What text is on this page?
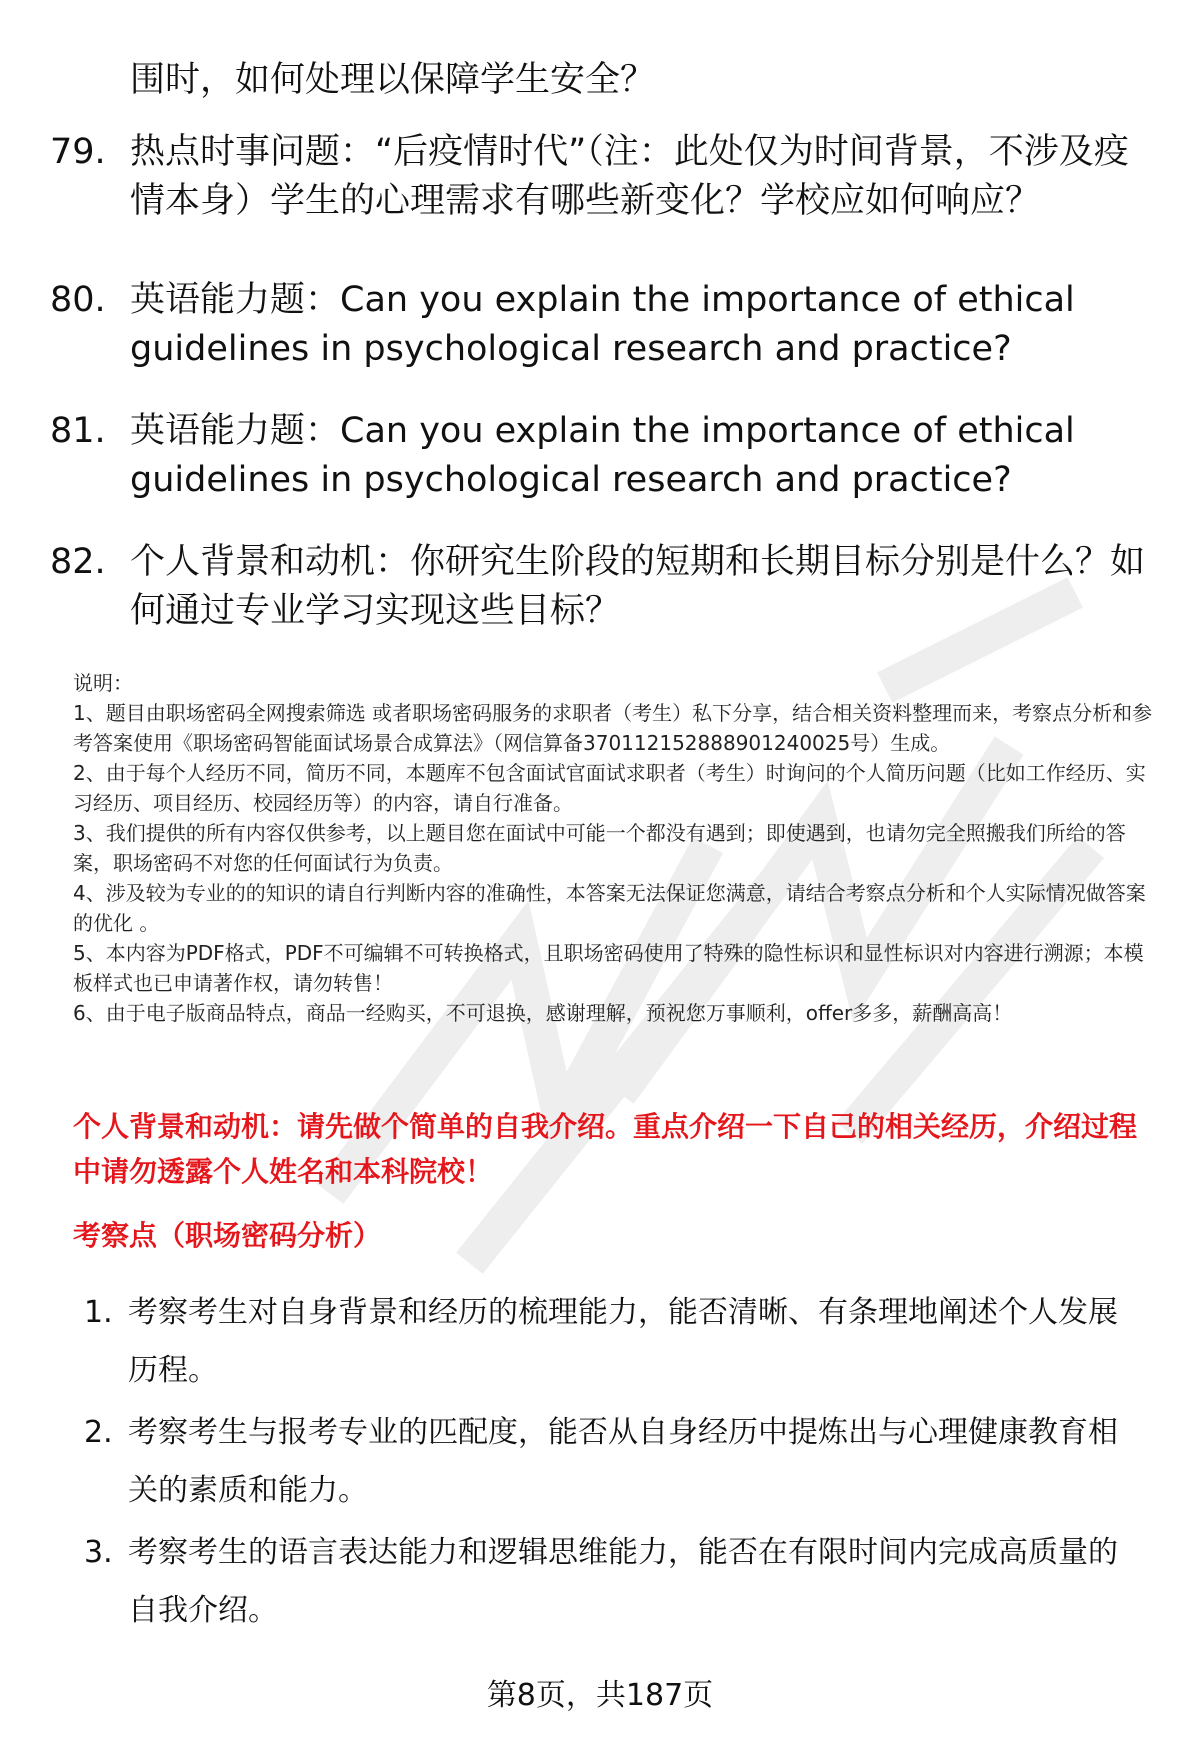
围时，如何处理以保障学生安全？
79. 热点时事问题：“后疫情时代”（注：此处仅为时间背景，不涉及疫情本身）学生的心理需求有哪些新变化？学校应如何响应？
80. 英语能力题：Can you explain the importance of ethical guidelines in psychological research and practice?
81. 英语能力题：Can you explain the importance of ethical guidelines in psychological research and practice?
82. 个人背景和动机：你研究生阶段的短期和长期目标分别是什么？如何通过专业学习实现这些目标？
说明：
1、题目由职场密码全网搜索筛选 或者职场密码服务的求职者（考生）私下分享，结合相关资料整理而来，考察点分析和参考答案使用《职场密码智能面试场景合成算法》（网信算备370112152888901240025号）生成。
2、由于每个人经历不同，简历不同，本题库不包含面试官面试求职者（考生）时询问的个人简历问题（比如工作经历、实习经历、项目经历、校园经历等）的内容，请自行准备。
3、我们提供的所有内容仅供参考，以上题目您在面试中可能一个都没有遇到；即使遇到，也请勿完全照搬我们所给的答案，职场密码不对您的任何面试行为负责。
4、涉及较为专业的的知识的请自行判断内容的准确性，本答案无法保证您满意，请结合考察点分析和个人实际情况做答案的优化 。
5、本内容为PDF格式，PDF不可编辑不可转换格式，且职场密码使用了特殊的隐性标识和显性标识对内容进行溯源；本模板样式也已申请著作权，请勿转售！
6、由于电子版商品特点，商品一经购买，不可退换，感谢理解，预祝您万事顺利，offer多多，薪酬高高！
个人背景和动机：请先做个简单的自我介绍。重点介绍一下自己的相关经历，介绍过程中请勿透露个人姓名和本科院校！
考察点（职场密码分析）
1. 考察考生对自身背景和经历的梳理能力，能否清晰、有条理地阐述个人发展历程。
2. 考察考生与报考专业的匹配度，能否从自身经历中提炼出与心理健康教育相关的素质和能力。
3. 考察考生的语言表达能力和逻辑思维能力，能否在有限时间内完成高质量的自我介绍。
第8页，共187页
